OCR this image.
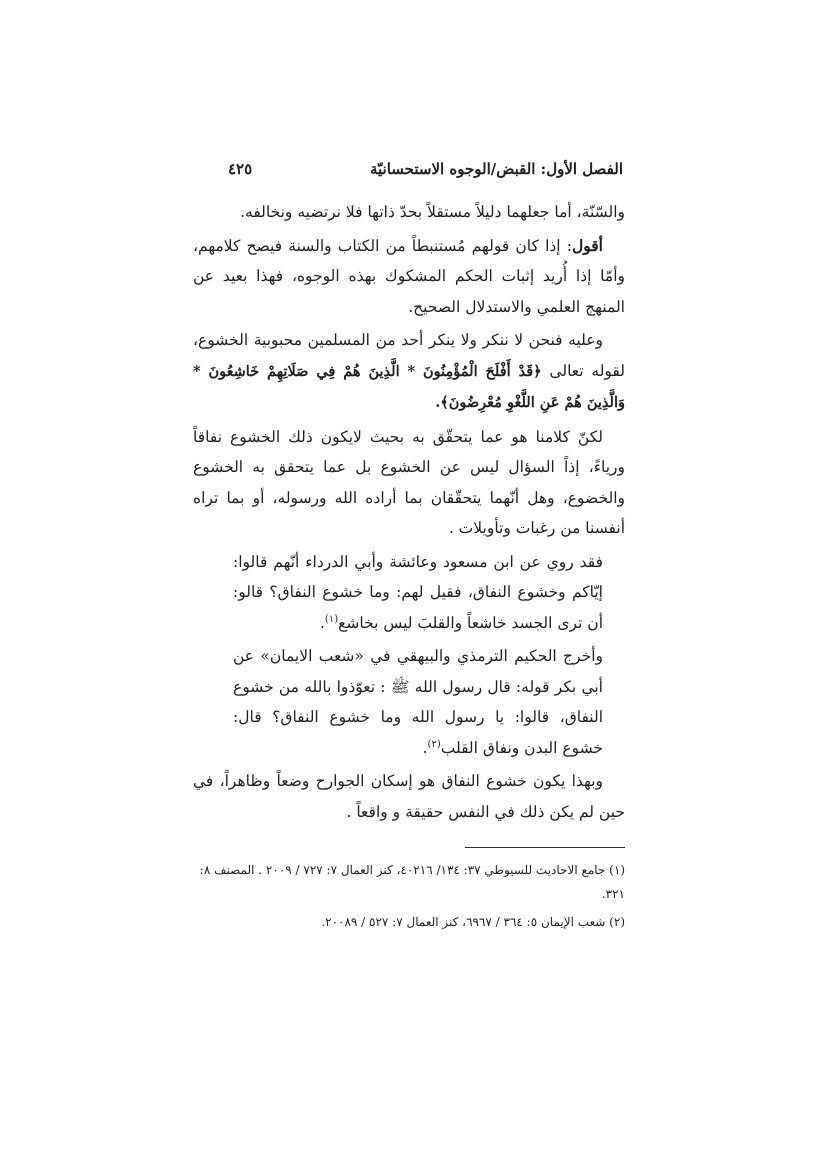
الفصل الأول: القبض/الوجوه الاستحسانيّة
٤٢٥

والسّنّة، أما جعلهما دليلاً مستقلاً بحدّ ذاتها فلا نرتضيه ونخالفه.

أقول: إذا كان قولهم مُستنبطاً من الكتاب والسنة فيصح كلامهم، وأمّا إذا أُريد إثبات الحكم المشكوك بهذه الوجوه، فهذا بعيد عن المنهج العلمي والاستدلال الصحيح.

وعليه فنحن لا ننكر ولا ينكر أحد من المسلمين محبوبية الخشوع، لقوله تعالى ﴿قَدْ أَفْلَحَ الْمُؤْمِنُونَ * الَّذِينَ هُمْ فِي صَلَاتِهِمْ خَاشِعُونَ * وَالَّذِينَ هُمْ عَنِ اللَّغْوِ مُعْرِضُونَ﴾.

لكنّ كلامنا هو عما يتحقّق به بحيث لايكون ذلك الخشوع نفاقاً ورياءً، إذاً السؤال ليس عن الخشوع بل عما يتحقق به الخشوع والخضوع، وهل أنّهما يتحقّقان بما أراده الله ورسوله، أو بما تراه أنفسنا من رغبات وتأويلات .

فقد روي عن ابن مسعود وعائشة وأبي الدرداء أنّهم قالوا: إيّاكم وخشوع النفاق، فقيل لهم: وما خشوع النفاق؟ قالو: أن ترى الجسد خاشعاً والقلبَ ليس بخاشع$^{(١)}$.

وأخرج الحكيم الترمذي والبيهقي في «شعب الايمان» عن أبي بكر قوله: قال رسول الله ﷺ : تعوّذوا بالله من خشوع النفاق، قالوا: يا رسول الله وما خشوع النفاق؟ قال: خشوع البدن ونفاق القلب$^{(٢)}$.

وبهذا يكون خشوع النفاق هو إسكان الجوارح وضعاً وظاهراً، في حين لم يكن ذلك في النفس حقيقة و واقعاً .

(١) جامع الاحاديث للسيوطي ٣٧: ١٣٤/ ٤٠٢١٦، كنز العمال ٧: ٧٢٧ / ٢٠٠٩ . المصنف ٨: ٣٢١.

(٢) شعب الإيمان ٥: ٣٦٤ / ٦٩٦٧، كنز العمال ٧: ٥٢٧ / ٢٠٠٨٩.
